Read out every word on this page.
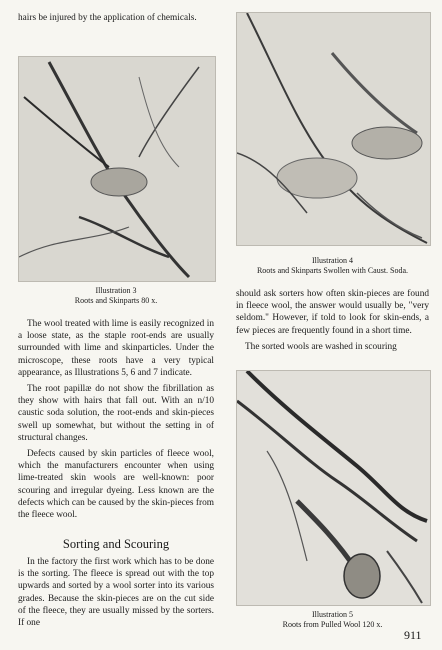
hairs be injured by the application of chemicals.

Illustration 3
Roots and Skinparts 80 x.

The wool treated with lime is easily recognized in a loose state, as the staple root-ends are usually surrounded with lime and skinparticles. Under the microscope, these roots have a very typical appearance, as Illustrations 5, 6 and 7 indicate.

The root papillæ do not show the fibrillation as they show with hairs that fall out. With an n/10 caustic soda solution, the root-ends and skin-pieces swell up somewhat, but without the setting in of structural changes.

Defects caused by skin particles of fleece wool, which the manufacturers encounter when using lime-treated skin wools are well-known: poor scouring and irregular dyeing. Less known are the defects which can be caused by the skin-pieces from the fleece wool.

Sorting and Scouring

In the factory the first work which has to be done is the sorting. The fleece is spread out with the top upwards and sorted by a wool sorter into its various grades. Because the skin-pieces are on the cut side of the fleece, they are usually missed by the sorters. If one

Illustration 4
Roots and Skinparts Swollen with Caust. Soda.

should ask sorters how often skin-pieces are found in fleece wool, the answer would usually be, "very seldom." However, if told to look for skin-ends, a few pieces are frequently found in a short time.

The sorted wools are washed in scouring

Illustration 5
Roots from Pulled Wool 120 x.
911
